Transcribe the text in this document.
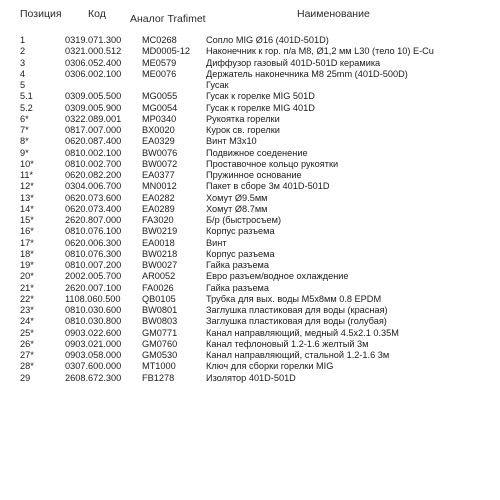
Позиция	Код Аналог Trafimet	Наименование
1	0319.071.300 MC0268	Сопло MIG Ø16 (401D-501D)
2	0321.000.512 MD0005-12 Наконечник к гор. п/а M8, Ø1,2 мм L30 (тело 10) E-Cu
3	0306.052.400 ME0579	Диффузор газовый 401D-501D керамика
4	0306.002.100 ME0076	Держатель наконечника M8 25mm (401D-500D)
5	Гусак
5.1	0309.005.500 MG0055	Гусак к горелке MIG 501D
5.2	0309.005.900 MG0054	Гусак к горелке MIG 401D
6*	0322.089.001 MP0340	Рукоятка горелки
7*	0817.007.000 BX0020	Курок св. горелки
8*	0620.087.400 EA0329	Винт M3x10
9*	0810.002.100 BW0076	Подвижное соеденение
10*	0810.002.700 BW0072	Проставочное кольцо рукоятки
11*	0620.082.200 EA0377	Пружинное основание
12*	0304.006.700 MN0012	Пакет в сборе 3м 401D-501D
13*	0620.073.600 EA0282	Хомут Ø9.5мм
14*	0620.073.400 EA0289	Хомут Ø8.7мм
15*	2620.807.000 FA3020	Б/р (быстросъем)
16*	0810.076.100 BW0219	Корпус разъема
17*	0620.006.300 EA0018	Винт
18*	0810.076.300 BW0218	Корпус разъема
19*	0810.007.200 BW0027	Гайка разъема
20*	2002.005.700 AR0052	Евро разъем/водное охлаждение
21*	2620.007.100 FA0026	Гайка разъема
22*	1108.060.500 QB0105	Трубка для вых. воды M5x8мм 0.8 EPDM
23*	0810.030.600 BW0801	Заглушка пластиковая для воды (красная)
24*	0810.030.800 BW0803	Заглушка пластиковая для воды (голубая)
25*	0903.022.600 GM0771	Канал направляющий, медный 4.5x2.1 0.35M
26*	0903.021.000 GM0760	Канал тефлоновый 1.2-1.6 желтый 3м
27*	0903.058.000 GM0530	Канал направляющий, стальной 1.2-1.6 3м
28*	0307.600.000 MT1000	Ключ для сборки горелки MIG
29	2608.672.300 FB1278	Изолятор 401D-501D
